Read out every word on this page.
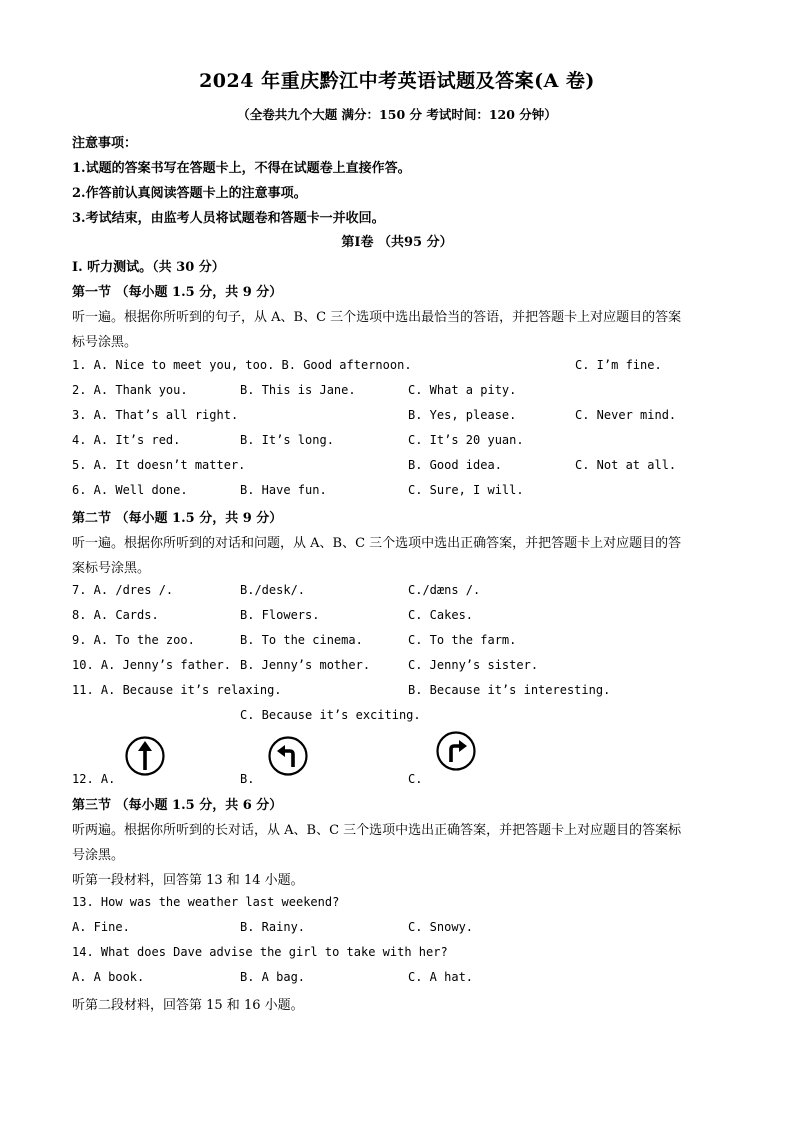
2024 年重庆黔江中考英语试题及答案(A 卷)
（全卷共九个大题 满分：150 分 考试时间：120 分钟）
注意事项：
1.试题的答案书写在答题卡上，不得在试题卷上直接作答。
2.作答前认真阅读答题卡上的注意事项。
3.考试结束，由监考人员将试题卷和答题卡一并收回。
第Ⅰ卷 （共95 分）
Ⅰ. 听力测试。（共 30 分）
第一节 （每小题 1.5 分，共 9 分）
听一遍。根据你所听到的句子，从 A、B、C 三个选项中选出最恰当的答语，并把答题卡上对应题目的答案
标号涂黑。
1. A. Nice to meet you, too. B. Good afternoon.	C. I’m fine.
2. A. Thank you.	B. This is Jane.	C. What a pity.
3. A. That’s all right.	B. Yes, please.	C. Never mind.
4. A. It’s red.	B. It’s long.	C. It’s 20 yuan.
5. A. It doesn’t matter.	B. Good idea.	C. Not at all.
6. A. Well done.	B. Have fun.	C. Sure, I will.
第二节 （每小题 1.5 分，共 9 分）
听一遍。根据你所听到的对话和问题，从 A、B、C 三个选项中选出正确答案，并把答题卡上对应题目的答
案标号涂黑。
7. A. /dres /.	B./desk/.	C./dæns /.
8. A. Cards.	B. Flowers.	C. Cakes.
9. A. To the zoo.	B. To the cinema.	C. To the farm.
10. A. Jenny’s father. B. Jenny’s mother.	C. Jenny’s sister.
11. A. Because it’s relaxing.	B. Because it’s interesting.
C. Because it’s exciting.
12. A.	B.	C.
第三节 （每小题 1.5 分，共 6 分）
听两遍。根据你所听到的长对话，从 A、B、C 三个选项中选出正确答案，并把答题卡上对应题目的答案标
号涂黑。
听第一段材料，回答第 13 和 14 小题。
13. How was the weather last weekend?
A. Fine.	B. Rainy.	C. Snowy.
14. What does Dave advise the girl to take with her?
A. A book.	B. A bag.	C. A hat.
听第二段材料，回答第 15 和 16 小题。
